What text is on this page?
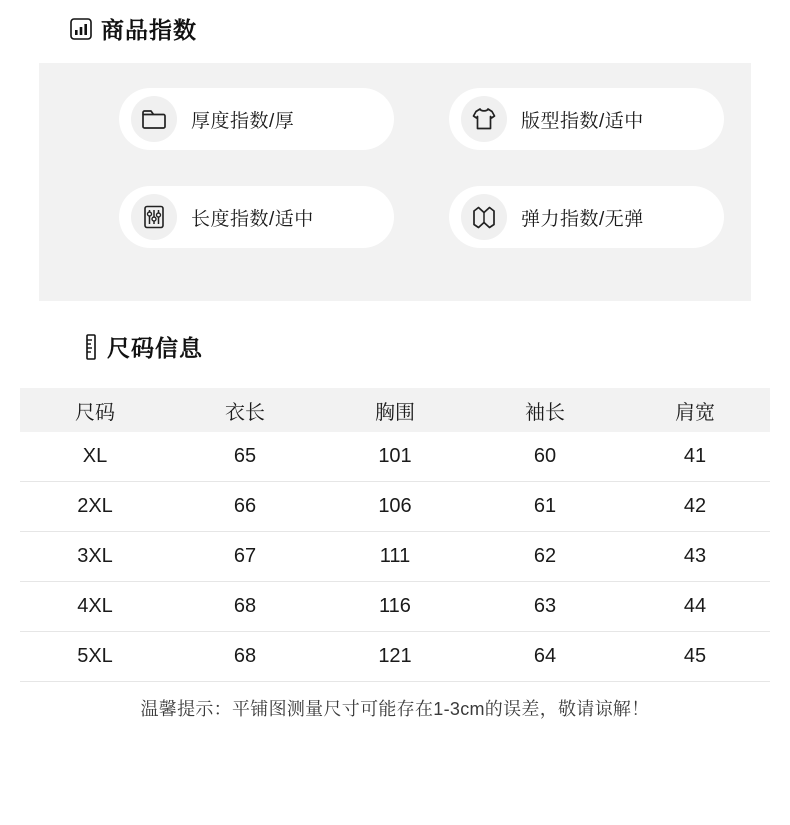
商品指数
厚度指数/厚	版型指数/适中
长度指数/适中	弹力指数/无弹
尺码信息
尺码	衣长	胸围	袖长	肩宽
XL	65	101	60	41
2XL	66	106	61	42
3XL	67	111	62	43
4XL	68	116	63	44
5XL	68	121	64	45
温馨提示：平铺图测量尺寸可能存在1-3cm的误差，敬请谅解！				
